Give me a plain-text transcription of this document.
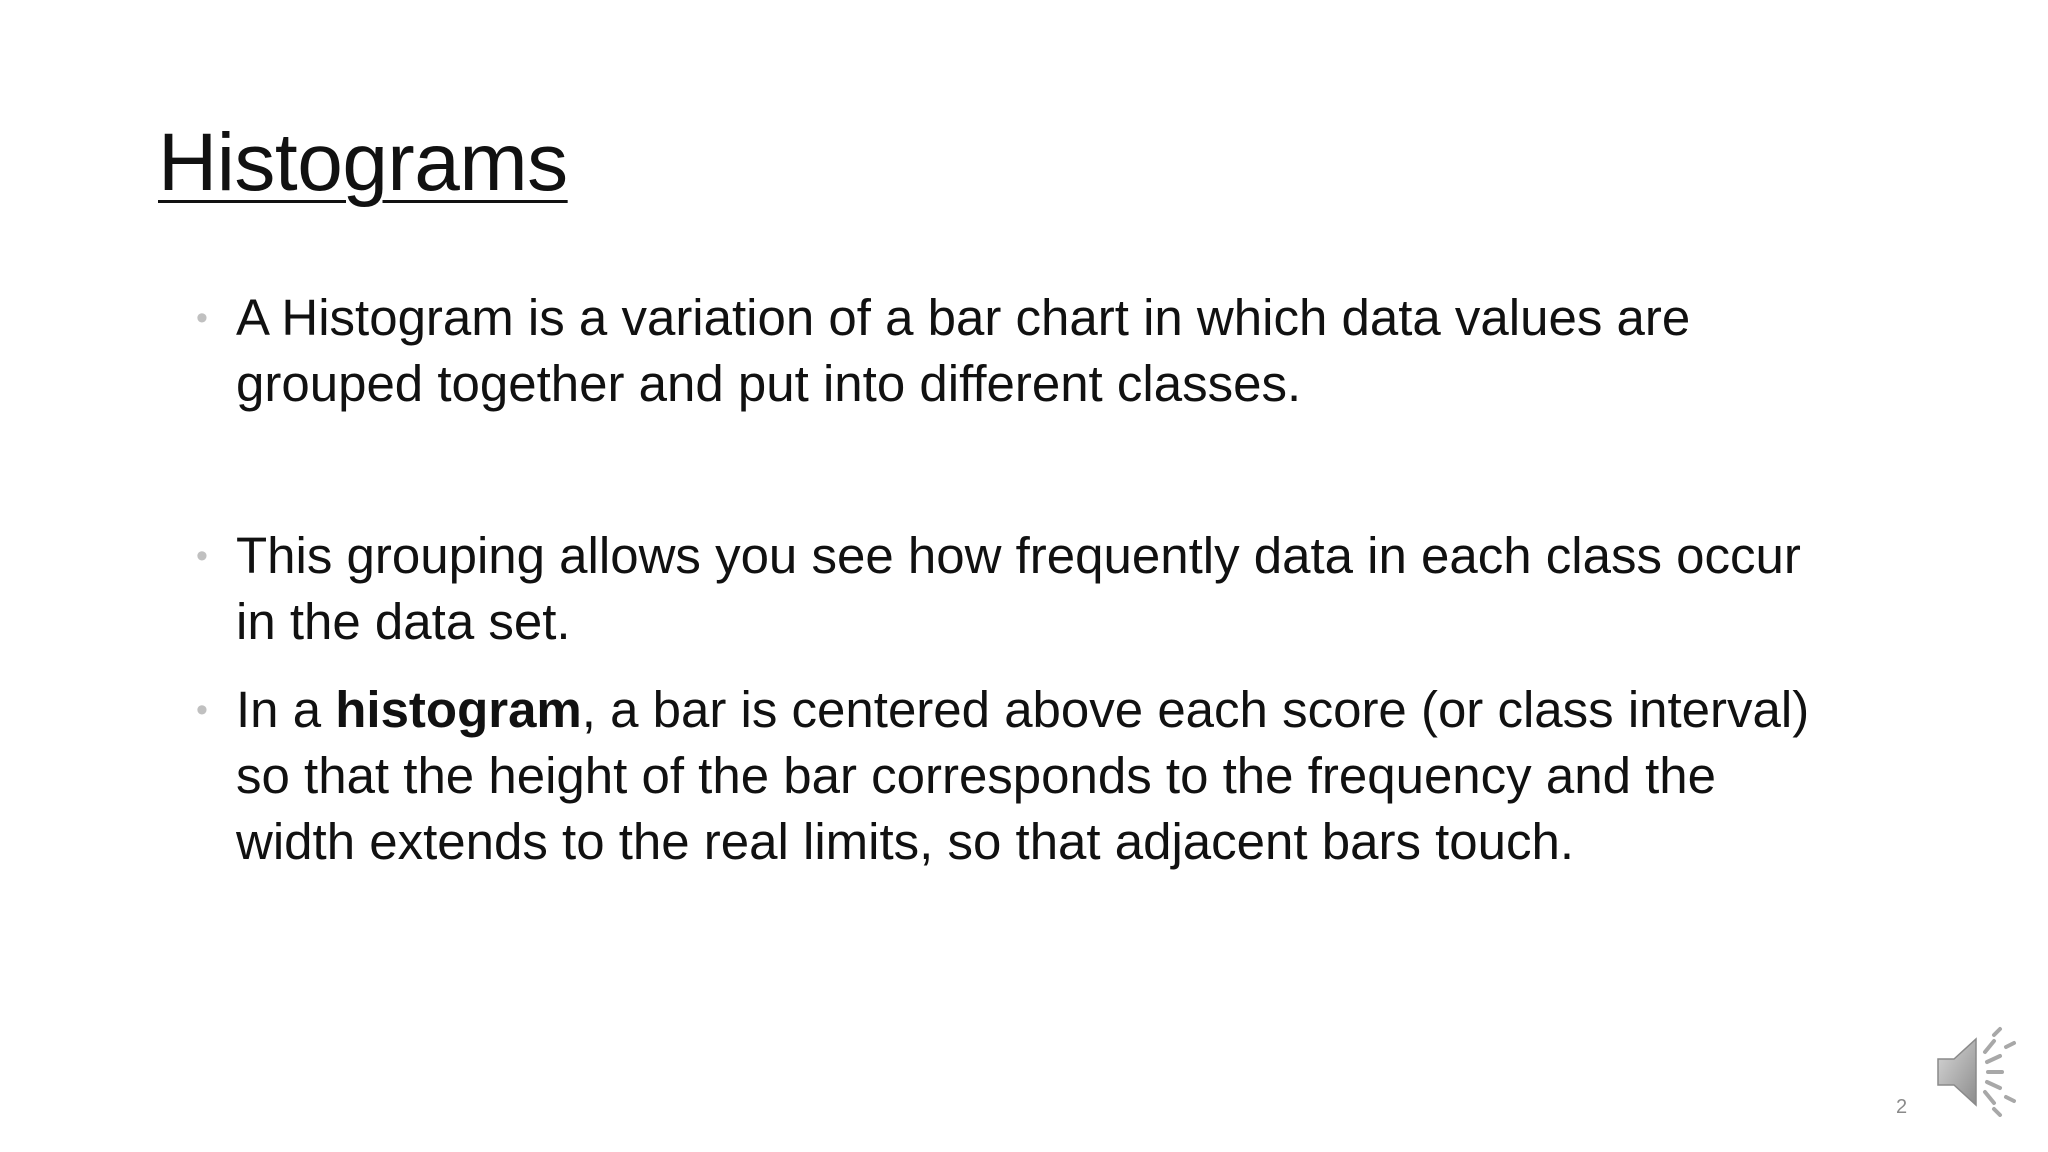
Histograms
• A Histogram is a variation of a bar chart in which data values are grouped together and put into different classes.
• This grouping allows you see how frequently data in each class occur in the data set.
• In a histogram, a bar is centered above each score (or class interval) so that the height of the bar corresponds to the frequency and the width extends to the real limits, so that adjacent bars touch.
2
